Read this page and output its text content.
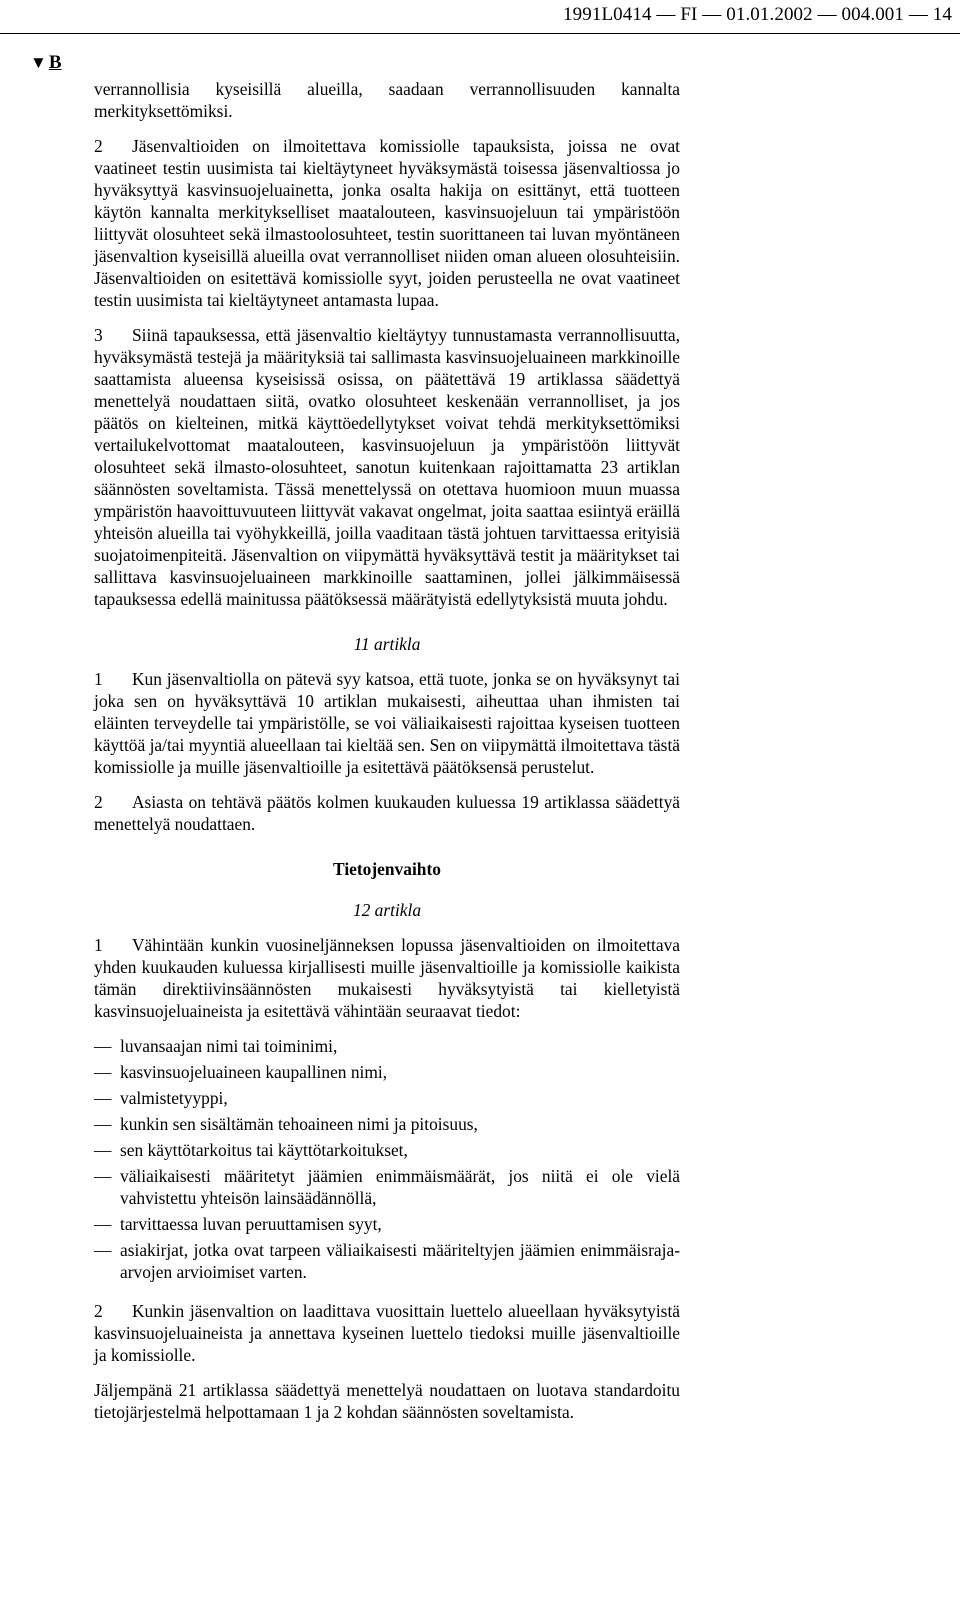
1991L0414 — FI — 01.01.2002 — 004.001 — 14
▼ B

verrannollisia kyseisillä alueilla, saadaan verrannollisuuden kannalta merkityksettömiksi.

2 Jäsenvaltioiden on ilmoitettava komissiolle tapauksista, joissa ne ovat vaatineet testin uusimista tai kieltäytyneet hyväksymästä toisessa jäsenvaltiossa jo hyväksyttyä kasvinsuojeluainetta, jonka osalta hakija on esittänyt, että tuotteen käytön kannalta merkitykselliset maatalouteen, kasvinsuojeluun tai ympäristöön liittyvät olosuhteet sekä ilmastoolosuhteet, testin suorittaneen tai luvan myöntäneen jäsenvaltion kyseisillä alueilla ovat verrannolliset niiden oman alueen olosuhteisiin. Jäsenvaltioiden on esitettävä komissiolle syyt, joiden perusteella ne ovat vaatineet testin uusimista tai kieltäytyneet antamasta lupaa.

3 Siinä tapauksessa, että jäsenvaltio kieltäytyy tunnustamasta verrannollisuutta, hyväksymästä testejä ja määrityksiä tai sallimasta kasvinsuojeluaineen markkinoille saattamista alueensa kyseisissä osissa, on päätettävä 19 artiklassa säädettyä menettelyä noudattaen siitä, ovatko olosuhteet keskenään verrannolliset, ja jos päätös on kielteinen, mitkä käyttöedellytykset voivat tehdä merkityksettömiksi vertailukelvottomat maatalouteen, kasvinsuojeluun ja ympäristöön liittyvät olosuhteet sekä ilmasto-olosuhteet, sanotun kuitenkaan rajoittamatta 23 artiklan säännösten soveltamista. Tässä menettelyssä on otettava huomioon muun muassa ympäristön haavoittuvuuteen liittyvät vakavat ongelmat, joita saattaa esiintyä eräillä yhteisön alueilla tai vyöhykkeillä, joilla vaaditaan tästä johtuen tarvittaessa erityisiä suojatoimenpiteitä. Jäsenvaltion on viipymättä hyväksyttävä testit ja määritykset tai sallittava kasvinsuojeluaineen markkinoille saattaminen, jollei jälkimmäisessä tapauksessa edellä mainitussa päätöksessä määrätyistä edellytyksistä muuta johdu.

11 artikla

1 Kun jäsenvaltiolla on pätevä syy katsoa, että tuote, jonka se on hyväksynyt tai joka sen on hyväksyttävä 10 artiklan mukaisesti, aiheuttaa uhan ihmisten tai eläinten terveydelle tai ympäristölle, se voi väliaikaisesti rajoittaa kyseisen tuotteen käyttöä ja/tai myyntiä alueellaan tai kieltää sen. Sen on viipymättä ilmoitettava tästä komissiolle ja muille jäsenvaltioille ja esitettävä päätöksensä perustelut.

2 Asiasta on tehtävä päätös kolmen kuukauden kuluessa 19 artiklassa säädettyä menettelyä noudattaen.

Tietojenvaihto

12 artikla

1 Vähintään kunkin vuosineljänneksen lopussa jäsenvaltioiden on ilmoitettava yhden kuukauden kuluessa kirjallisesti muille jäsenvaltioille ja komissiolle kaikista tämän direktiivinsäännösten mukaisesti hyväksytyistä tai kielletyistä kasvinsuojeluaineista ja esitettävä vähintään seuraavat tiedot:

— luvansaajan nimi tai toiminimi,
— kasvinsuojeluaineen kaupallinen nimi,
— valmistetyyppi,
— kunkin sen sisältämän tehoaineen nimi ja pitoisuus,
— sen käyttötarkoitus tai käyttötarkoitukset,
— väliaikaisesti määritetyt jäämien enimmäismäärät, jos niitä ei ole vielä vahvistettu yhteisön lainsäädännöllä,
— tarvittaessa luvan peruuttamisen syyt,
— asiakirjat, jotka ovat tarpeen väliaikaisesti määriteltyjen jäämien enimmäisraja-arvojen arvioimiset varten.

2 Kunkin jäsenvaltion on laadittava vuosittain luettelo alueellaan hyväksytyistä kasvinsuojeluaineista ja annettava kyseinen luettelo tiedoksi muille jäsenvaltioille ja komissiolle.

Jäljempänä 21 artiklassa säädettyä menettelyä noudattaen on luotava standardoitu tietojärjestelmä helpottamaan 1 ja 2 kohdan säännösten soveltamista.
